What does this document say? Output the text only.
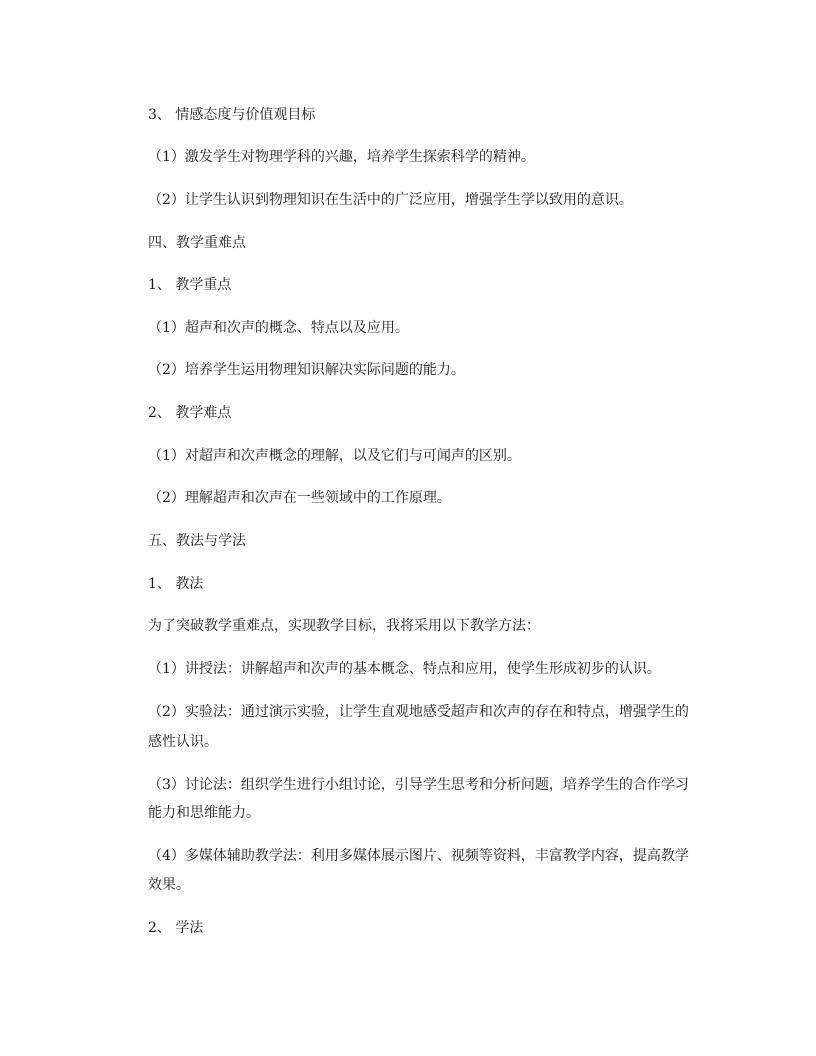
3、 情感态度与价值观目标
（1）激发学生对物理学科的兴趣，培养学生探索科学的精神。
（2）让学生认识到物理知识在生活中的广泛应用，增强学生学以致用的意识。
四、教学重难点
1、 教学重点
（1）超声和次声的概念、特点以及应用。
（2）培养学生运用物理知识解决实际问题的能力。
2、 教学难点
（1）对超声和次声概念的理解，以及它们与可闻声的区别。
（2）理解超声和次声在一些领域中的工作原理。
五、教法与学法
1、 教法
为了突破教学重难点，实现教学目标，我将采用以下教学方法：
（1）讲授法：讲解超声和次声的基本概念、特点和应用，使学生形成初步的认识。
（2）实验法：通过演示实验，让学生直观地感受超声和次声的存在和特点，增强学生的
感性认识。
（3）讨论法：组织学生进行小组讨论，引导学生思考和分析问题，培养学生的合作学习
能力和思维能力。
（4）多媒体辅助教学法：利用多媒体展示图片、视频等资料，丰富教学内容，提高教学
效果。
2、 学法
